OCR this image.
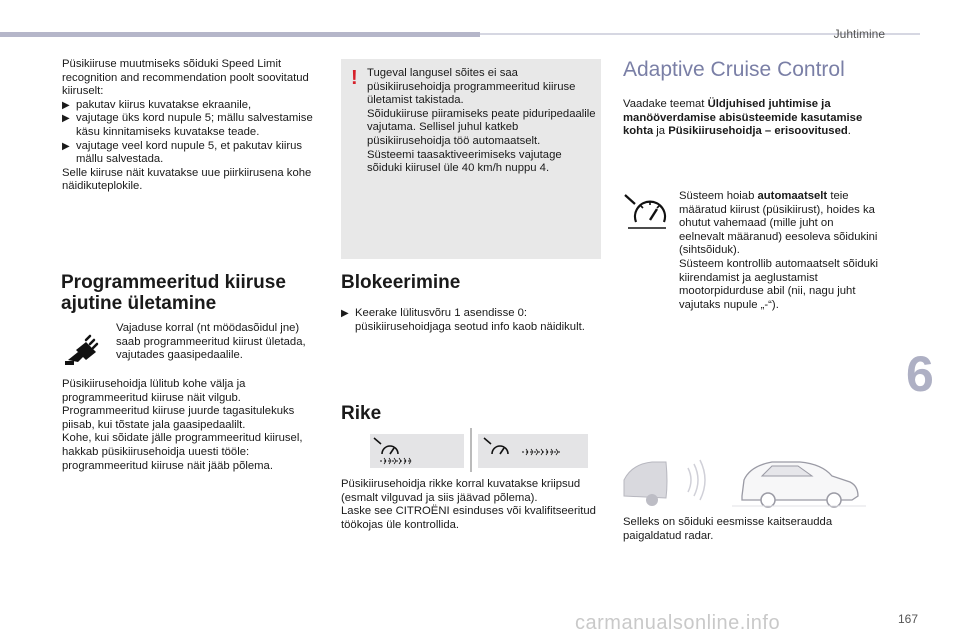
Juhtimine
6
167
carmanualsonline.info
Püsikiiruse muutmiseks sõiduki Speed Limit recognition and recommendation poolt soovitatud kiiruselt:
▶ pakutav kiirus kuvatakse ekraanile,
▶ vajutage üks kord nupule 5; mällu salvestamise käsu kinnitamiseks kuvatakse teade.
▶ vajutage veel kord nupule 5, et pakutav kiirus mällu salvestada.
Selle kiiruse näit kuvatakse uue piirkiirusena kohe näidikuteplokile.
Programmeeritud kiiruse ajutine ületamine
Vajaduse korral (nt möödasõidul jne) saab programmeeritud kiirust ületada, vajutades gaasipedaalile.
Püsikiirusehoidja lülitub kohe välja ja programmeeritud kiiruse näit vilgub.
Programmeeritud kiiruse juurde tagasitulekuks piisab, kui tõstate jala gaasipedaalilt.
Kohe, kui sõidate jälle programmeeritud kiirusel, hakkab püsikiirusehoidja uuesti tööle: programmeeritud kiiruse näit jääb põlema.
! Tugeval langusel sõites ei saa püsikiirusehoidja programmeeritud kiiruse ületamist takistada.
Sõidukiiruse piiramiseks peate piduripedaalile vajutama. Sellisel juhul katkeb püsikiirusehoidja töö automaatselt.
Süsteemi taasaktiveerimiseks vajutage sõiduki kiirusel üle 40 km/h nuppu 4.
Blokeerimine
▶ Keerake lülitusvõru 1 asendisse 0: püsikiirusehoidjaga seotud info kaob näidikult.
Rike
Püsikiirusehoidja rikke korral kuvatakse kriipsud (esmalt vilguvad ja siis jäävad põlema).
Laske see CITROËNI esinduses või kvalifitseeritud töökojas üle kontrollida.
Adaptive Cruise Control
Vaadake teemat Üldjuhised juhtimise ja manööverdamise abisüsteemide kasutamise kohta ja Püsikiirusehoidja – erisoovitused.
Süsteem hoiab automaatselt teie määratud kiirust (püsikiirust), hoides ka ohutut vahemaad (mille juht on eelnevalt määranud) eesoleva sõidukini (sihtsõiduk).
Süsteem kontrollib automaatselt sõiduki kiirendamist ja aeglustamist mootorpidurduse abil (nii, nagu juht vajutaks nupule „-“).
Selleks on sõiduki eesmisse kaitseraudda paigaldatud radar.
